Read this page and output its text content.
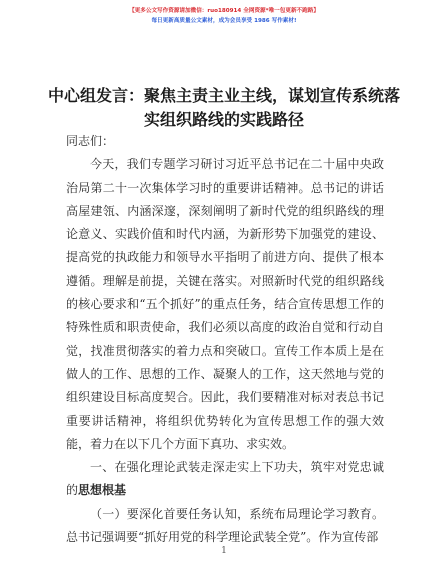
【更多公文写作资源请加微信：ruo180914 全网资源*唯一包更新不跑路】
每日更新高质量公文素材，成为会员享受 1986 写作素材!
中心组发言：聚焦主责主业主线，谋划宣传系统落实组织路线的实践路径

同志们：

今天，我们专题学习研讨习近平总书记在二十届中央政治局第二十一次集体学习时的重要讲话精神。总书记的讲话高屋建瓴、内涵深邃，深刻阐明了新时代党的组织路线的理论意义、实践价值和时代内涵，为新形势下加强党的建设、提高党的执政能力和领导水平指明了前进方向、提供了根本遵循。理解是前提，关键在落实。对照新时代党的组织路线的核心要求和“五个抓好”的重点任务，结合宣传思想工作的特殊性质和职责使命，我们必须以高度的政治自觉和行动自觉，找准贯彻落实的着力点和突破口。宣传工作本质上是在做人的工作、思想的工作、凝聚人的工作，这天然地与党的组织建设目标高度契合。因此，我们要精准对标对表总书记重要讲话精神，将组织优势转化为宣传思想工作的强大效能，着力在以下几个方面下真功、求实效。

一、在强化理论武装走深走实上下功夫，筑牢对党忠诚的思想根基

（一）要深化首要任务认知，系统布局理论学习教育。总书记强调要“抓好用党的科学理论武装全党”。作为宣传部

1
